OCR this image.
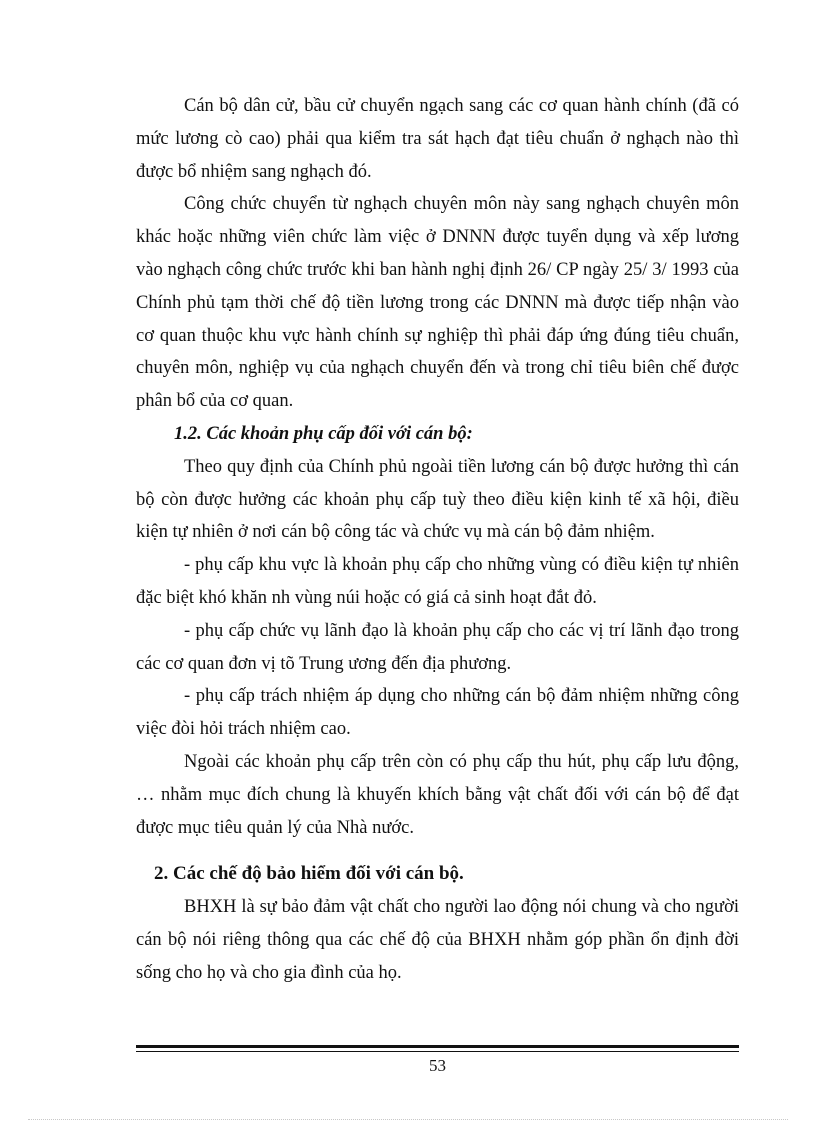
Cán bộ dân cử, bầu cử chuyển ngạch sang các cơ quan hành chính (đã có mức lương cò cao) phải qua kiểm tra sát hạch đạt tiêu chuẩn ở nghạch nào thì được bổ nhiệm sang nghạch đó.

Công chức chuyển từ nghạch chuyên môn này sang nghạch chuyên môn khác hoặc những viên chức làm việc ở DNNN được tuyển dụng và xếp lương vào nghạch công chức trước khi ban hành nghị định 26/ CP ngày 25/ 3/ 1993 của Chính phủ tạm thời chế độ tiền lương trong các DNNN mà được tiếp nhận vào cơ quan thuộc khu vực hành chính sự nghiệp thì phải đáp ứng đúng tiêu chuẩn, chuyên môn, nghiệp vụ của nghạch chuyển đến và trong chỉ tiêu biên chế được phân bổ của cơ quan.

1.2. Các khoản phụ cấp đối với cán bộ:

Theo quy định của Chính phủ ngoài tiền lương cán bộ được hưởng thì cán bộ còn được hưởng các khoản phụ cấp tuỳ theo điều kiện kinh tế xã hội, điều kiện tự nhiên ở nơi cán bộ công tác và chức vụ mà cán bộ đảm nhiệm.

- phụ cấp khu vực là khoản phụ cấp cho những vùng có điều kiện tự nhiên đặc biệt khó khăn nh vùng núi hoặc có giá cả sinh hoạt đắt đỏ.

- phụ cấp chức vụ lãnh đạo là khoản phụ cấp cho các vị trí lãnh đạo trong các cơ quan đơn vị tõ Trung ương đến địa phương.

- phụ cấp trách nhiệm áp dụng cho những cán bộ đảm nhiệm những công việc đòi hỏi trách nhiệm cao.

Ngoài các khoản phụ cấp trên còn có phụ cấp thu hút, phụ cấp lưu động, … nhằm mục đích chung là khuyến khích bằng vật chất đối với cán bộ để đạt được mục tiêu quản lý của Nhà nước.

2. Các chế độ bảo hiểm đối với cán bộ.

BHXH là sự bảo đảm vật chất cho người lao động nói chung và cho người cán bộ nói riêng thông qua các chế độ của BHXH nhằm góp phần ổn định đời sống cho họ và cho gia đình của họ.

53
